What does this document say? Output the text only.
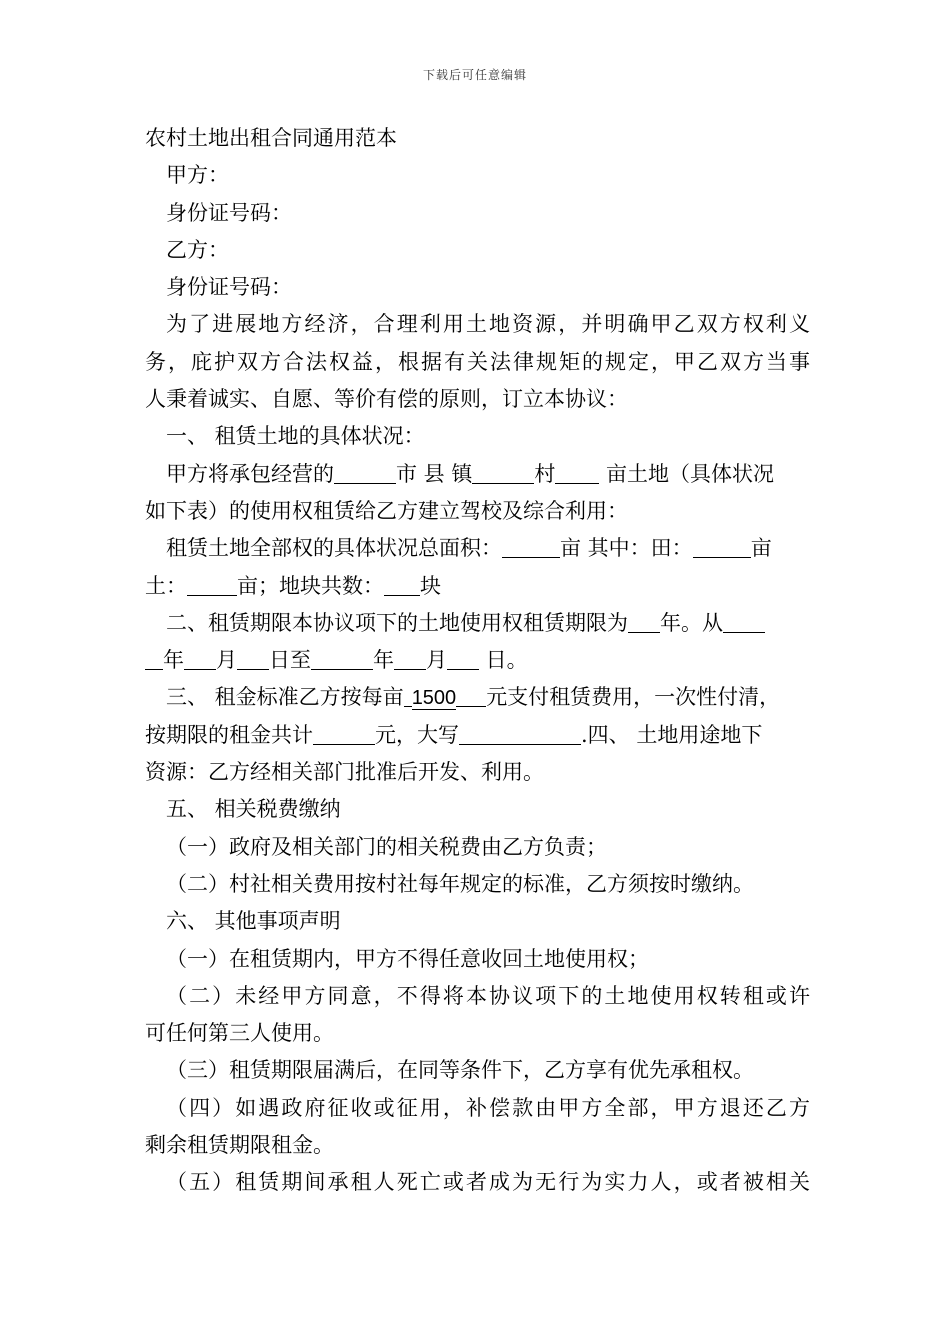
下载后可任意编辑
农村土地出租合同通用范本
甲方：
身份证号码：
乙方：
身份证号码：
为了进展地方经济，合理利用土地资源，并明确甲乙双方权利义
务，庇护双方合法权益，根据有关法律规矩的规定，甲乙双方当事
人秉着诚实、自愿、等价有偿的原则，订立本协议：
一、 租赁土地的具体状况：
甲方将承包经营的	市 县 镇	村 亩土地（具体状况
如下表）的使用权租赁给乙方建立驾校及综合利用：
租赁土地全部权的具体状况总面积：	亩 其中：田：	亩
土： 亩；地块共数： 块
二、租赁期限本协议项下的土地使用权租赁期限为 年。从
年 月 日至	年 月 日。
三、 租金标准乙方按每亩 1500 元支付租赁费用，一次性付清，
按期限的租金共计	元，大写	.四、 土地用途地下
资源：乙方经相关部门批准后开发、利用。
五、 相关税费缴纳
（一）政府及相关部门的相关税费由乙方负责；
（二）村社相关费用按村社每年规定的标准，乙方须按时缴纳。
六、 其他事项声明
（一）在租赁期内，甲方不得任意收回土地使用权；
（二）未经甲方同意，不得将本协议项下的土地使用权转租或许
可任何第三人使用。
（三）租赁期限届满后，在同等条件下，乙方享有优先承租权。
（四）如遇政府征收或征用，补偿款由甲方全部，甲方退还乙方
剩余租赁期限租金。
（五）租赁期间承租人死亡或者成为无行为实力人，或者被相关
